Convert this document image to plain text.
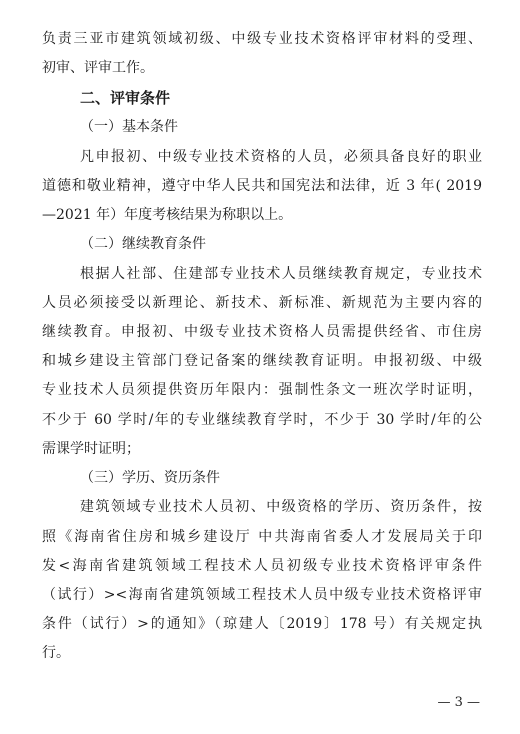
负责三亚市建筑领域初级、中级专业技术资格评审材料的受理、
初审、评审工作。
二、评审条件
（一）基本条件
凡申报初、中级专业技术资格的人员，必须具备良好的职业
道德和敬业精神，遵守中华人民共和国宪法和法律，近 3 年( 2019
—2021 年）年度考核结果为称职以上。
（二）继续教育条件
根据人社部、住建部专业技术人员继续教育规定，专业技术
人员必须接受以新理论、新技术、新标准、新规范为主要内容的
继续教育。申报初、中级专业技术资格人员需提供经省、市住房
和城乡建设主管部门登记备案的继续教育证明。申报初级、中级
专业技术人员须提供资历年限内：强制性条文一班次学时证明，
不少于 60 学时/年的专业继续教育学时，不少于 30 学时/年的公
需课学时证明；
（三）学历、资历条件
建筑领域专业技术人员初、中级资格的学历、资历条件，按
照《海南省住房和城乡建设厅 中共海南省委人才发展局关于印
发<海南省建筑领域工程技术人员初级专业技术资格评审条件
（试行）><海南省建筑领域工程技术人员中级专业技术资格评审
条件（试行）>的通知》（琼建人〔2019〕178 号）有关规定执
行。
— 3 —
